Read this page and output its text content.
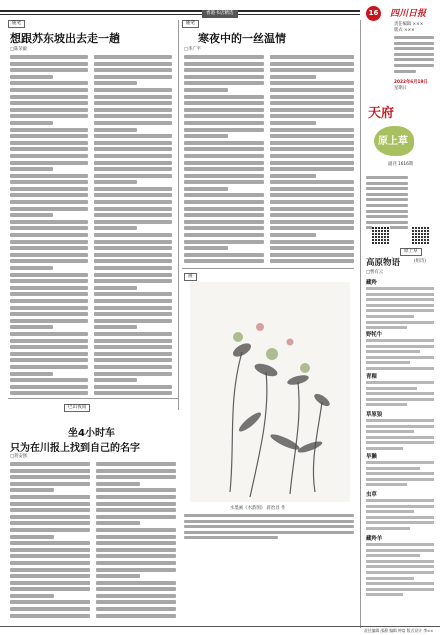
香港书店精选	16 四川日报
责任编辑 ×××
版式 ×××
2022年6月19日
星期日
天府
原上草
副刊 1616期
随笔
想跟苏东坡出去走一趟
□陈荣毅
随笔
寒夜中的一丝温情
□李广平
画
水墨画《水韵图》 蒋治昌 作
巴山夜雨
坐4小时车
只为在川报上找到自己的名字
□蒋安强
原上草
高原物语	(组诗)
□曹有云
藏羚
野牦牛
青稞
草原狼
旱獭
虫草
藏羚羊
责任编辑 邵静 编辑 钟富 版式设计 李××
